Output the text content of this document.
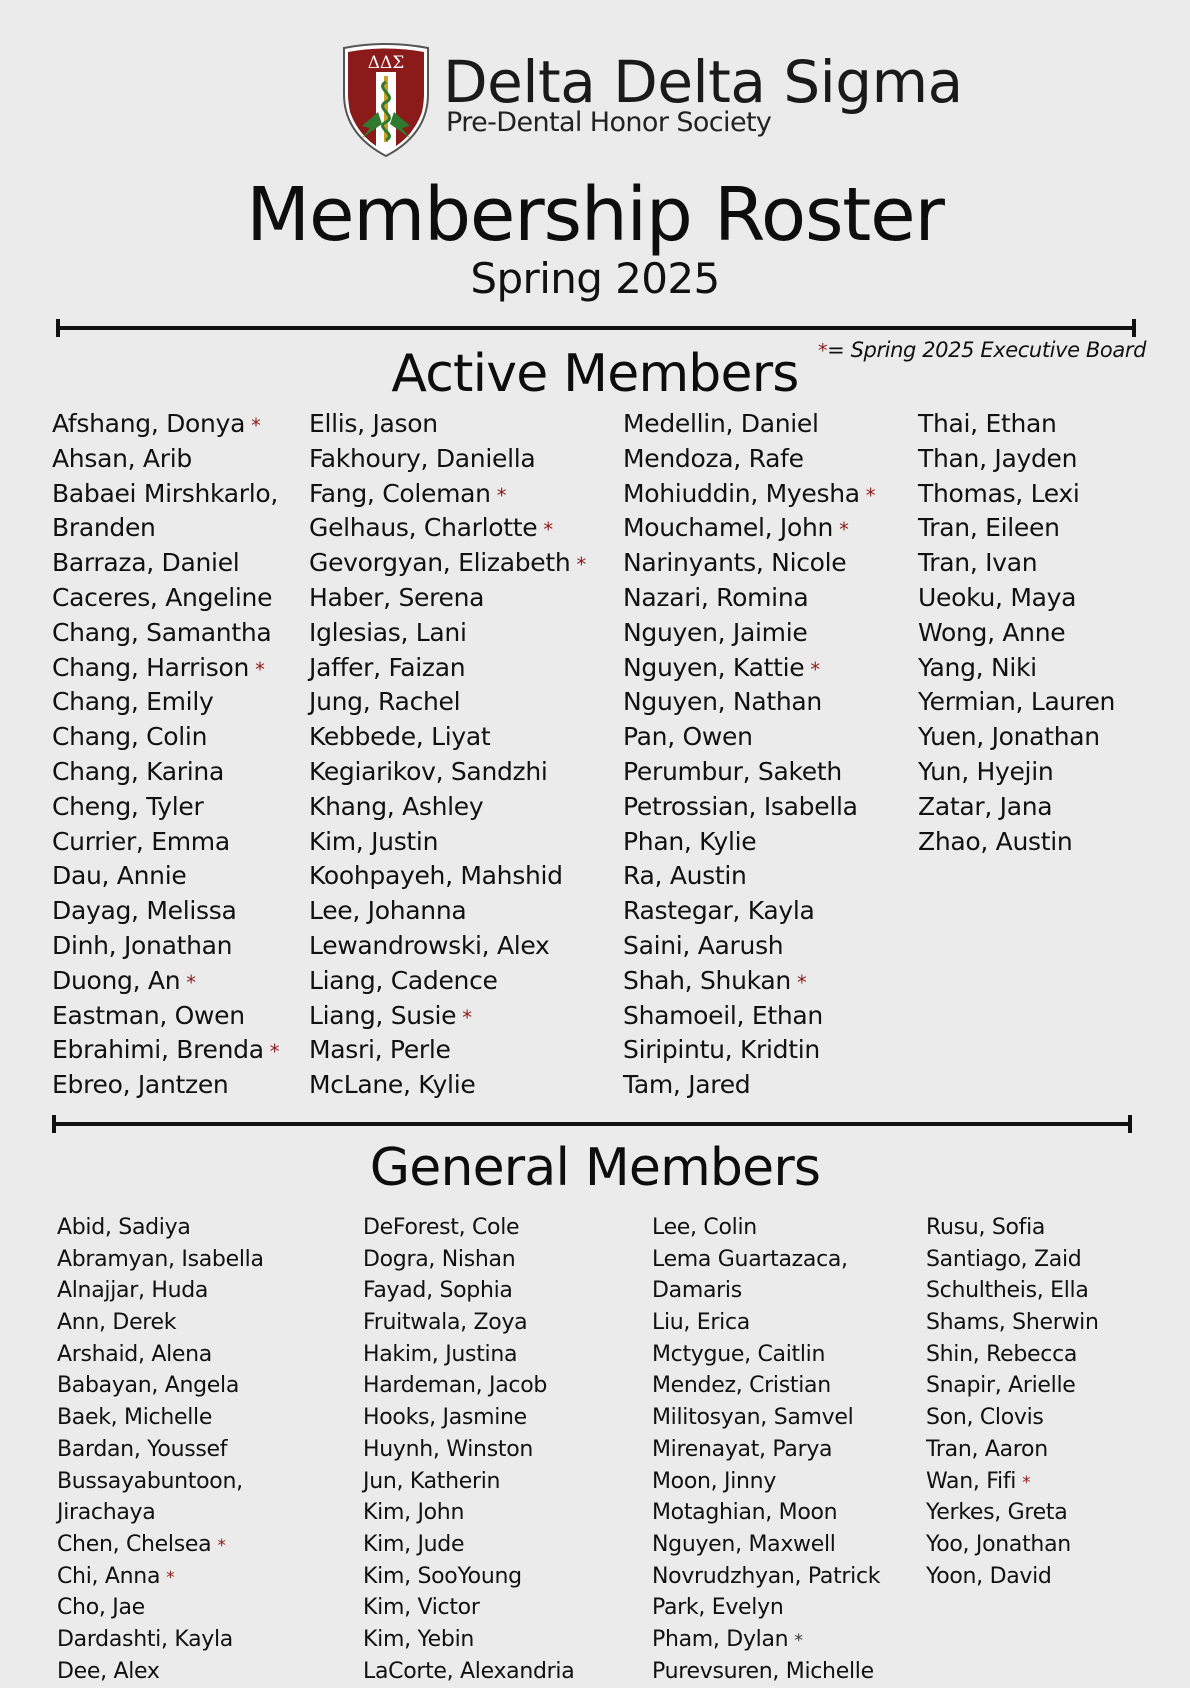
ΔΔΣ Delta Delta Sigma
Pre-Dental Honor Society
Membership Roster
Spring 2025
*= Spring 2025 Executive Board
Active Members
Afshang, Donya *
Ahsan, Arib
Babaei Mirshkarlo,
Branden
Barraza, Daniel
Caceres, Angeline
Chang, Samantha
Chang, Harrison *
Chang, Emily
Chang, Colin
Chang, Karina
Cheng, Tyler
Currier, Emma
Dau, Annie
Dayag, Melissa
Dinh, Jonathan
Duong, An *
Eastman, Owen
Ebrahimi, Brenda *
Ebreo, Jantzen
Ellis, Jason
Fakhoury, Daniella
Fang, Coleman *
Gelhaus, Charlotte *
Gevorgyan, Elizabeth *
Haber, Serena
Iglesias, Lani
Jaffer, Faizan
Jung, Rachel
Kebbede, Liyat
Kegiarikov, Sandzhi
Khang, Ashley
Kim, Justin
Koohpayeh, Mahshid
Lee, Johanna
Lewandrowski, Alex
Liang, Cadence
Liang, Susie *
Masri, Perle
McLane, Kylie
Medellin, Daniel
Mendoza, Rafe
Mohiuddin, Myesha *
Mouchamel, John *
Narinyants, Nicole
Nazari, Romina
Nguyen, Jaimie
Nguyen, Kattie *
Nguyen, Nathan
Pan, Owen
Perumbur, Saketh
Petrossian, Isabella
Phan, Kylie
Ra, Austin
Rastegar, Kayla
Saini, Aarush
Shah, Shukan *
Shamoeil, Ethan
Siripintu, Kridtin
Tam, Jared
Thai, Ethan
Than, Jayden
Thomas, Lexi
Tran, Eileen
Tran, Ivan
Ueoku, Maya
Wong, Anne
Yang, Niki
Yermian, Lauren
Yuen, Jonathan
Yun, Hyejin
Zatar, Jana
Zhao, Austin
General Members
Abid, Sadiya
Abramyan, Isabella
Alnajjar, Huda
Ann, Derek
Arshaid, Alena
Babayan, Angela
Baek, Michelle
Bardan, Youssef
Bussayabuntoon,
Jirachaya
Chen, Chelsea *
Chi, Anna *
Cho, Jae
Dardashti, Kayla
Dee, Alex
DeForest, Cole
Dogra, Nishan
Fayad, Sophia
Fruitwala, Zoya
Hakim, Justina
Hardeman, Jacob
Hooks, Jasmine
Huynh, Winston
Jun, Katherin
Kim, John
Kim, Jude
Kim, SooYoung
Kim, Victor
Kim, Yebin
LaCorte, Alexandria
Lee, Colin
Lema Guartazaca,
Damaris
Liu, Erica
Mctygue, Caitlin
Mendez, Cristian
Militosyan, Samvel
Mirenayat, Parya
Moon, Jinny
Motaghian, Moon
Nguyen, Maxwell
Novrudzhyan, Patrick
Park, Evelyn
Pham, Dylan *
Purevsuren, Michelle
Rusu, Sofia
Santiago, Zaid
Schultheis, Ella
Shams, Sherwin
Shin, Rebecca
Snapir, Arielle
Son, Clovis
Tran, Aaron
Wan, Fifi *
Yerkes, Greta
Yoo, Jonathan
Yoon, David
